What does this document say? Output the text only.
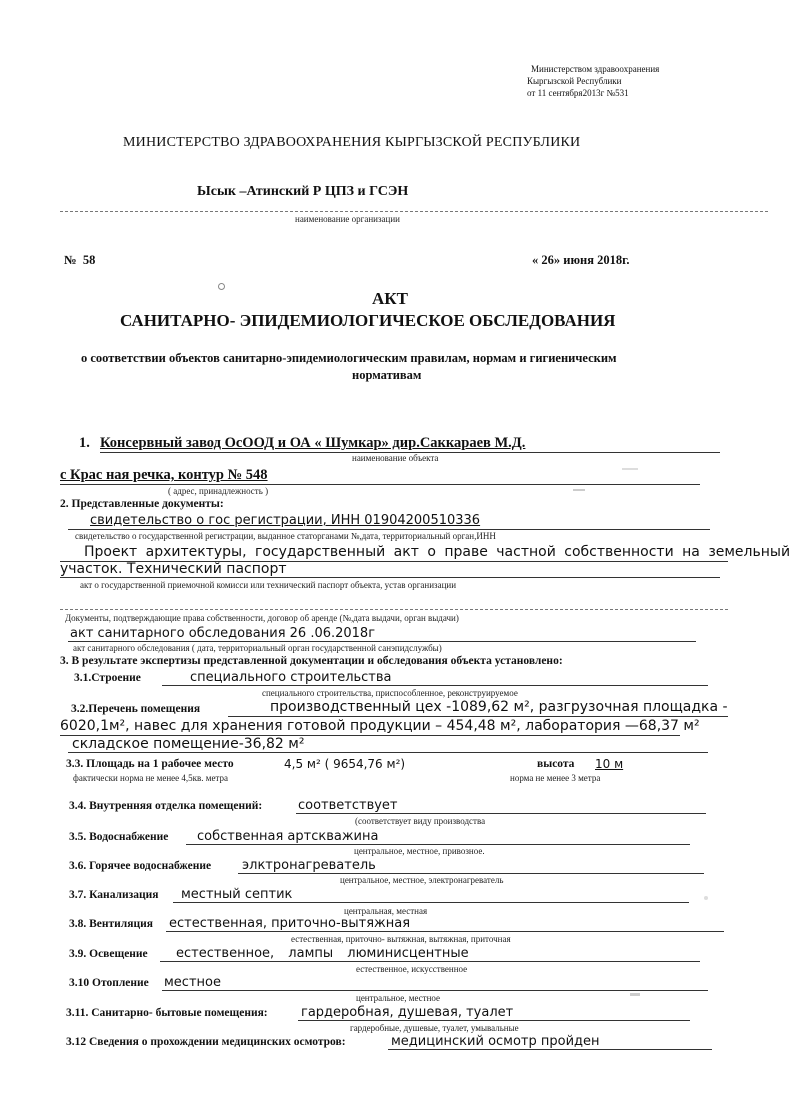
Министерством здравоохранения
Кыргызской Республики
от 11 сентября2013г №531
МИНИСТЕРСТВО ЗДРАВООХРАНЕНИЯ КЫРГЫЗСКОЙ РЕСПУБЛИКИ
Ысык –Атинский Р ЦПЗ и ГСЭН
наименование организации
№ 58	« 26» июня 2018г.
АКТ
САНИТАРНО- ЭПИДЕМИОЛОГИЧЕСКОЕ ОБСЛЕДОВАНИЯ
о соответствии объектов санитарно-эпидемиологическим правилам, нормам и гигиеническим
нормативам
1. Консервный завод ОсООД и ОА « Шумкар» дир.Саккараев М.Д.
наименование объекта
с Крас ная речка, контур № 548
( адрес, принадлежность )
2. Представленные документы:
свидетельство о гос регистрации, ИНН 01904200510336
свидетельство о государственной регистрации, выданное статорганами №,дата, территориальный орган,ИНН
Проект архитектуры, государственный акт о праве частной собственности на земельный
участок. Технический паспорт
акт о государственной приемочной комисси или технический паспорт объекта, устав организации
Документы, подтверждающие права собственности, договор об аренде (№,дата выдачи, орган выдачи)
акт санитарного обследования 26 .06.2018г
акт санитарного обследования ( дата, территориальный орган государственной санэпидслужбы)
3. В результате экспертизы представленной документации и обследования объекта установлено:
3.1.Строение	специального строительства
специального строительства, приспособленное, реконструируемое
3.2.Перечень помещения	производственный цех -1089,62 м², разгрузочная площадка -
6020,1м², навес для хранения готовой продукции – 454,48 м², лаборатория —68,37 м²
складское помещение-36,82 м²
3.3. Площадь на 1 рабочее место	4,5 м² ( 9654,76 м²)
фактически норма не менее 4,5кв. метра
высота 10 м
норма не менее 3 метра
3.4. Внутренняя отделка помещений:	соответствует
(соответствует виду производства
3.5. Водоснабжение собственная артскважина
центральное, местное, привозное.
3.6. Горячее водоснабжение элктронагреватель
центральное, местное, электронагреватель
3.7. Канализация местный септик
центральная, местная
3.8. Вентиляция естественная, приточно-вытяжная
естественная, приточно- вытяжная, вытяжная, приточная
3.9. Освещение естественное, лампы люминисцентные
естественное, искусственное
3.10 Отопление местное
центральное, местное
3.11. Санитарно- бытовые помещения:	гардеробная, душевая, туалет
гардеробные, душевые, туалет, умывальные
3.12 Сведения о прохождении медицинских осмотров:	медицинский осмотр пройден
